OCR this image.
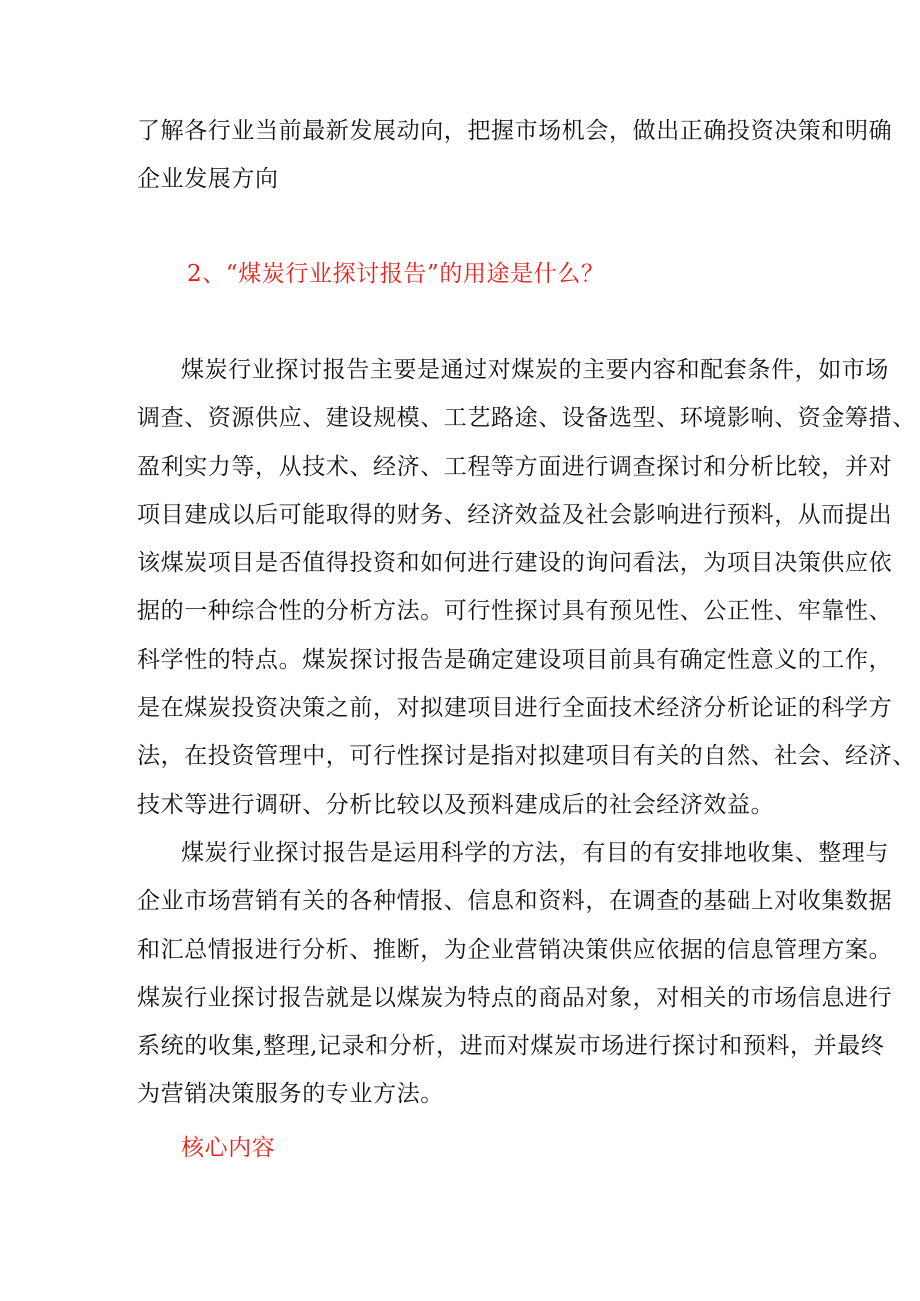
了解各行业当前最新发展动向，把握市场机会，做出正确投资决策和明确
企业发展方向
2、“煤炭行业探讨报告”的用途是什么？
煤炭行业探讨报告主要是通过对煤炭的主要内容和配套条件，如市场
调查、资源供应、建设规模、工艺路途、设备选型、环境影响、资金筹措、
盈利实力等，从技术、经济、工程等方面进行调查探讨和分析比较，并对
项目建成以后可能取得的财务、经济效益及社会影响进行预料，从而提出
该煤炭项目是否值得投资和如何进行建设的询问看法，为项目决策供应依
据的一种综合性的分析方法。可行性探讨具有预见性、公正性、牢靠性、
科学性的特点。煤炭探讨报告是确定建设项目前具有确定性意义的工作，
是在煤炭投资决策之前，对拟建项目进行全面技术经济分析论证的科学方
法，在投资管理中，可行性探讨是指对拟建项目有关的自然、社会、经济、
技术等进行调研、分析比较以及预料建成后的社会经济效益。
煤炭行业探讨报告是运用科学的方法，有目的有安排地收集、整理与
企业市场营销有关的各种情报、信息和资料，在调查的基础上对收集数据
和汇总情报进行分析、推断，为企业营销决策供应依据的信息管理方案。
煤炭行业探讨报告就是以煤炭为特点的商品对象，对相关的市场信息进行
系统的收集,整理,记录和分析，进而对煤炭市场进行探讨和预料，并最终
为营销决策服务的专业方法。
核心内容
